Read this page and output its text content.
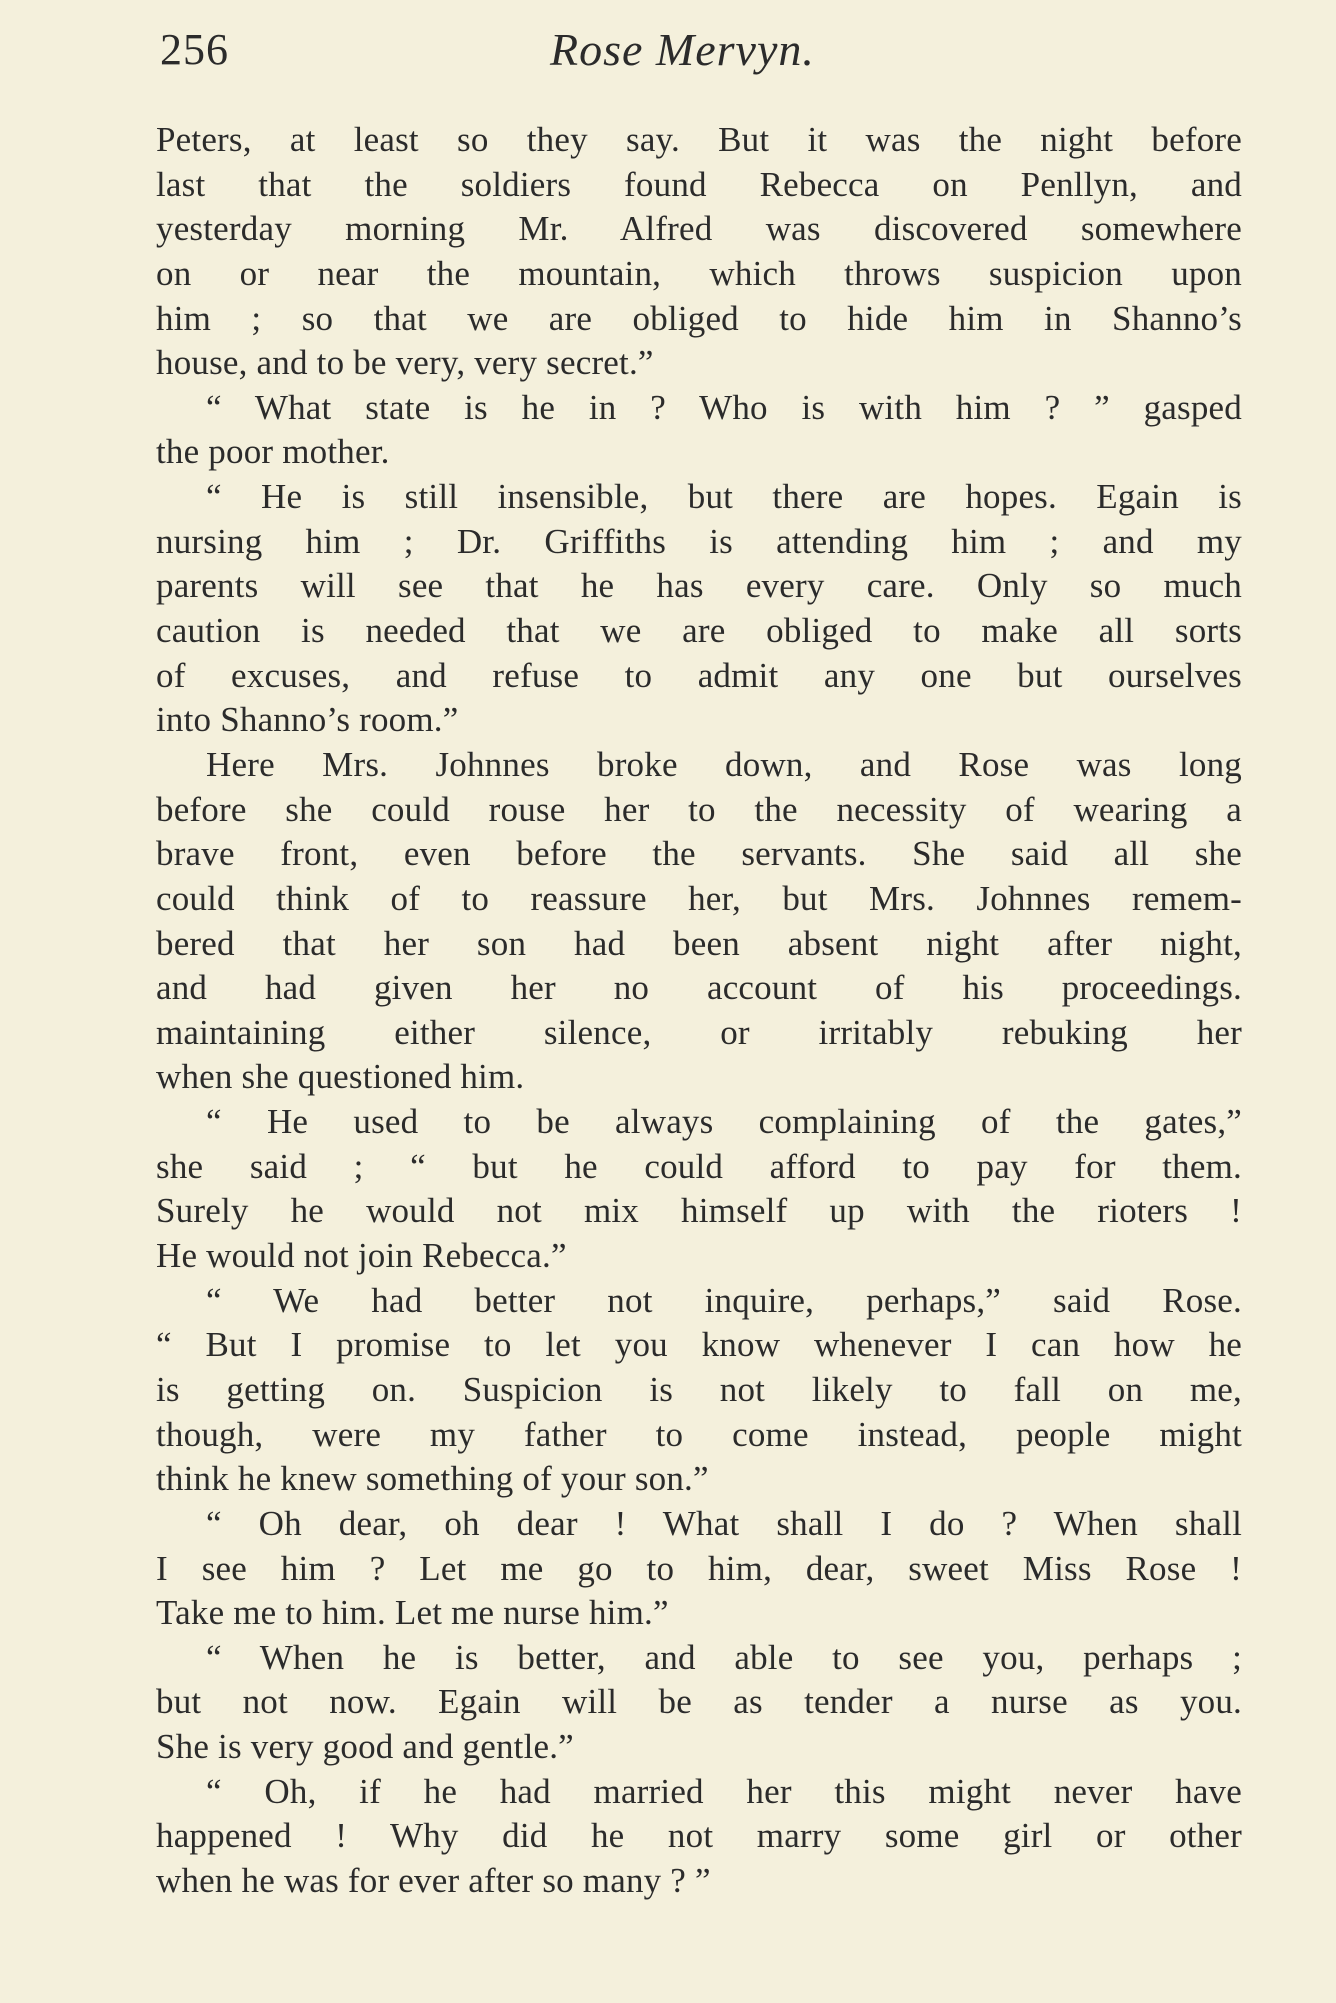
256	Rose Mervyn.
Peters, at least so they say. But it was the night before
last that the soldiers found Rebecca on Penllyn, and
yesterday morning Mr. Alfred was discovered somewhere
on or near the mountain, which throws suspicion upon
him ; so that we are obliged to hide him in Shanno’s
house, and to be very, very secret.”
“ What state is he in ? Who is with him ? ” gasped
the poor mother.
“ He is still insensible, but there are hopes. Egain is
nursing him ; Dr. Griffiths is attending him ; and my
parents will see that he has every care. Only so much
caution is needed that we are obliged to make all sorts
of excuses, and refuse to admit any one but ourselves
into Shanno’s room.”
Here Mrs. Johnnes broke down, and Rose was long
before she could rouse her to the necessity of wearing a
brave front, even before the servants. She said all she
could think of to reassure her, but Mrs. Johnnes remem-
bered that her son had been absent night after night,
and had given her no account of his proceedings.
maintaining either silence, or irritably rebuking her
when she questioned him.
“ He used to be always complaining of the gates,”
she said ; “ but he could afford to pay for them.
Surely he would not mix himself up with the rioters !
He would not join Rebecca.”
“ We had better not inquire, perhaps,” said Rose.
“ But I promise to let you know whenever I can how he
is getting on. Suspicion is not likely to fall on me,
though, were my father to come instead, people might
think he knew something of your son.”
“ Oh dear, oh dear ! What shall I do ? When shall
I see him ? Let me go to him, dear, sweet Miss Rose !
Take me to him. Let me nurse him.”
“ When he is better, and able to see you, perhaps ;
but not now. Egain will be as tender a nurse as you.
She is very good and gentle.”
“ Oh, if he had married her this might never have
happened ! Why did he not marry some girl or other
when he was for ever after so many ? ”
